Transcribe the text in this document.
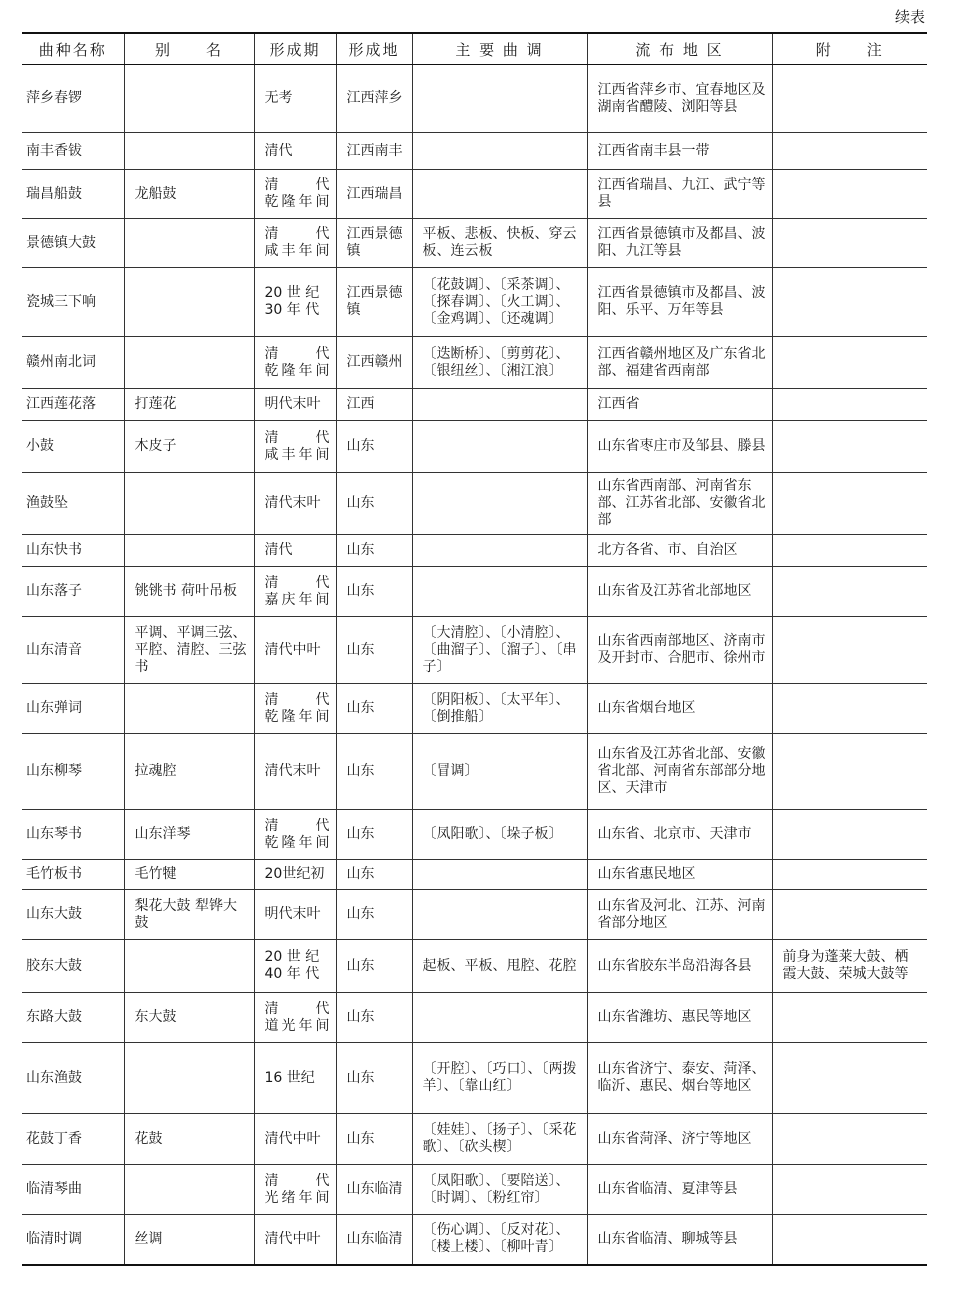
续表
曲种名称	别　　名	形成期	形成地	主 要 曲 调	流 布 地 区	附　　注
萍乡春锣		无考	江西萍乡		江西省萍乡市、宜春地区及湖南省醴陵、浏阳等县	
南丰香钹		清代	江西南丰		江西省南丰县一带	
瑞昌船鼓	龙船鼓	清　　代 乾隆年间	江西瑞昌		江西省瑞昌、九江、武宁等县	
景德镇大鼓		清　　代 咸丰年间	江西景德镇	平板、悲板、快板、穿云板、连云板	江西省景德镇市及都昌、波阳、九江等县	
瓷城三下响		20 世 纪 30 年 代	江西景德镇	〔花鼓调〕、〔采茶调〕、〔探春调〕、〔火工调〕、〔金鸡调〕、〔还魂调〕	江西省景德镇市及都昌、波阳、乐平、万年等县	
赣州南北词		清　　代 乾隆年间	江西赣州	〔迭断桥〕、〔剪剪花〕、〔银纽丝〕、〔湘江浪〕	江西省赣州地区及广东省北部、福建省西南部	
江西莲花落	打莲花	明代末叶	江西		江西省	
小鼓	木皮子	清　　代 咸丰年间	山东		山东省枣庄市及邹县、滕县	
渔鼓坠		清代末叶	山东		山东省西南部、河南省东部、江苏省北部、安徽省北部	
山东快书		清代	山东		北方各省、市、自治区	
山东落子	铫铫书 荷叶吊板	清　　代 嘉庆年间	山东		山东省及江苏省北部地区	
山东清音	平调、平调三弦、平腔、清腔、三弦书	清代中叶	山东	〔大清腔〕、〔小清腔〕、〔曲溜子〕、〔溜子〕、〔串子〕	山东省西南部地区、济南市及开封市、合肥市、徐州市	
山东弹词		清　　代 乾隆年间	山东	〔阴阳板〕、〔太平年〕、〔倒推船〕	山东省烟台地区	
山东柳琴	拉魂腔	清代末叶	山东	〔冒调〕	山东省及江苏省北部、安徽省北部、河南省东部部分地区、天津市	
山东琴书	山东洋琴	清　　代 乾隆年间	山东	〔凤阳歌〕、〔垛子板〕	山东省、北京市、天津市	
毛竹板书	毛竹犍	20世纪初	山东		山东省惠民地区	
山东大鼓	梨花大鼓 犁铧大鼓	明代末叶	山东		山东省及河北、江苏、河南省部分地区	
胶东大鼓		20 世 纪 40 年 代	山东	起板、平板、甩腔、花腔	山东省胶东半岛沿海各县	前身为蓬莱大鼓、栖霞大鼓、荣城大鼓等
东路大鼓	东大鼓	清　　代 道光年间	山东		山东省潍坊、惠民等地区	
山东渔鼓		16 世纪	山东	〔开腔〕、〔巧口〕、〔两拨羊〕、〔靠山红〕	山东省济宁、泰安、菏泽、临沂、惠民、烟台等地区	
花鼓丁香	花鼓	清代中叶	山东	〔娃娃〕、〔扬子〕、〔采花歌〕、〔砍头楔〕	山东省菏泽、济宁等地区	
临清琴曲		清　　代 光绪年间	山东临清	〔凤阳歌〕、〔要陪送〕、〔时调〕、〔粉红帘〕	山东省临清、夏津等县	
临清时调	丝调	清代中叶	山东临清	〔伤心调〕、〔反对花〕、〔楼上楼〕、〔柳叶青〕	山东省临清、聊城等县	
